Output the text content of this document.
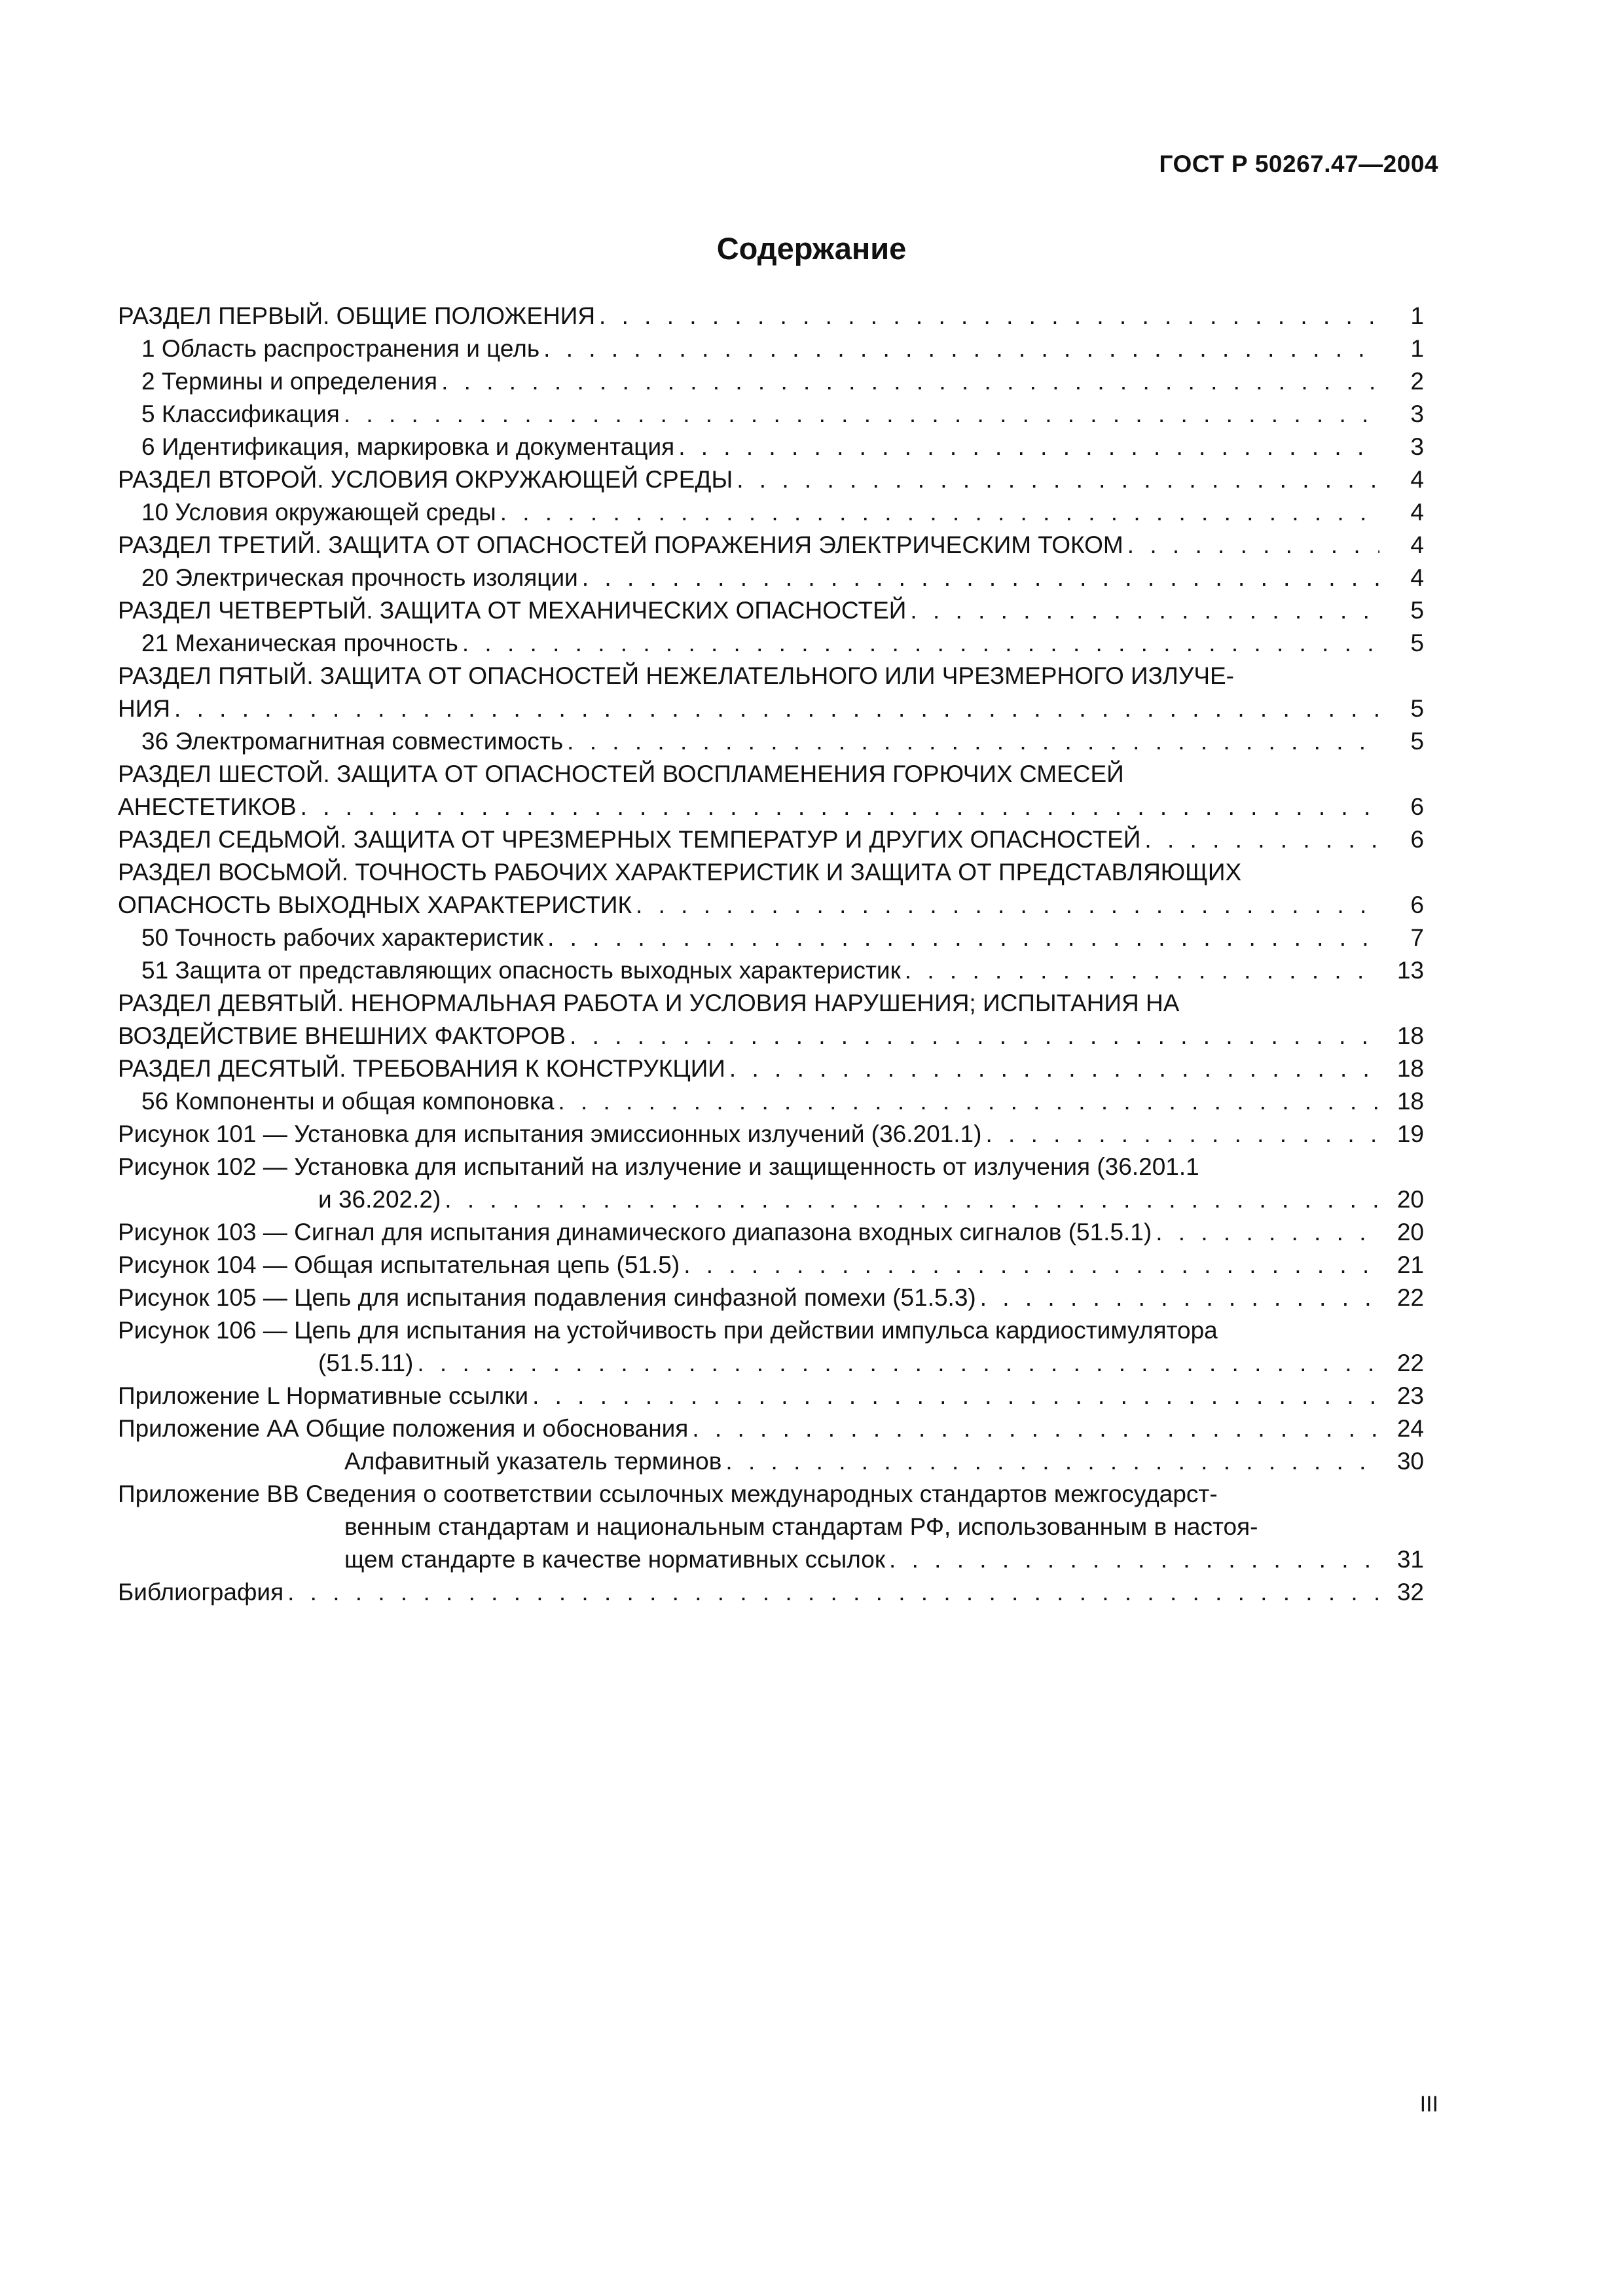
ГОСТ Р 50267.47—2004
Содержание
РАЗДЕЛ ПЕРВЫЙ. ОБЩИЕ ПОЛОЖЕНИЯ . . .	1
1 Область распространения и цель . . .	1
2 Термины и определения . . .	2
5 Классификация . . .	3
6 Идентификация, маркировка и документация . . .	3
РАЗДЕЛ ВТОРОЙ. УСЛОВИЯ ОКРУЖАЮЩЕЙ СРЕДЫ . . .	4
10 Условия окружающей среды . . .	4
РАЗДЕЛ ТРЕТИЙ. ЗАЩИТА ОТ ОПАСНОСТЕЙ ПОРАЖЕНИЯ ЭЛЕКТРИЧЕСКИМ ТОКОМ . . .	4
20 Электрическая прочность изоляции . . .	4
РАЗДЕЛ ЧЕТВЕРТЫЙ. ЗАЩИТА ОТ МЕХАНИЧЕСКИХ ОПАСНОСТЕЙ . . .	5
21 Механическая прочность . . .	5
РАЗДЕЛ ПЯТЫЙ. ЗАЩИТА ОТ ОПАСНОСТЕЙ НЕЖЕЛАТЕЛЬНОГО ИЛИ ЧРЕЗМЕРНОГО ИЗЛУЧЕ-
НИЯ . . .	5
36 Электромагнитная совместимость . . .	5
РАЗДЕЛ ШЕСТОЙ. ЗАЩИТА ОТ ОПАСНОСТЕЙ ВОСПЛАМЕНЕНИЯ ГОРЮЧИХ СМЕСЕЙ
АНЕСТЕТИКОВ . . .	6
РАЗДЕЛ СЕДЬМОЙ. ЗАЩИТА ОТ ЧРЕЗМЕРНЫХ ТЕМПЕРАТУР И ДРУГИХ ОПАСНОСТЕЙ . . .	6
РАЗДЕЛ ВОСЬМОЙ. ТОЧНОСТЬ РАБОЧИХ ХАРАКТЕРИСТИК И ЗАЩИТА ОТ ПРЕДСТАВЛЯЮЩИХ
ОПАСНОСТЬ ВЫХОДНЫХ ХАРАКТЕРИСТИК . . .	6
50 Точность рабочих характеристик . . .	7
51 Защита от представляющих опасность выходных характеристик . . .	13
РАЗДЕЛ ДЕВЯТЫЙ. НЕНОРМАЛЬНАЯ РАБОТА И УСЛОВИЯ НАРУШЕНИЯ; ИСПЫТАНИЯ НА
ВОЗДЕЙСТВИЕ ВНЕШНИХ ФАКТОРОВ . . .	18
РАЗДЕЛ ДЕСЯТЫЙ. ТРЕБОВАНИЯ К КОНСТРУКЦИИ . . .	18
56 Компоненты и общая компоновка . . .	18
Рисунок 101 — Установка для испытания эмиссионных излучений (36.201.1) . . .	19
Рисунок 102 — Установка для испытаний на излучение и защищенность от излучения (36.201.1
и 36.202.2) . . .	20
Рисунок 103 — Сигнал для испытания динамического диапазона входных сигналов (51.5.1) . . .	20
Рисунок 104 — Общая испытательная цепь (51.5) . . .	21
Рисунок 105 — Цепь для испытания подавления синфазной помехи (51.5.3) . . .	22
Рисунок 106 — Цепь для испытания на устойчивость при действии импульса кардиостимулятора
(51.5.11) . . .	22
Приложение L Нормативные ссылки . . .	23
Приложение АА Общие положения и обоснования . . .	24
Алфавитный указатель терминов . . .	30
Приложение ВВ Сведения о соответствии ссылочных международных стандартов межгосударст-
венным стандартам и национальным стандартам РФ, использованным в настоя-
щем стандарте в качестве нормативных ссылок . . .	31
Библиография . . .	32
III
